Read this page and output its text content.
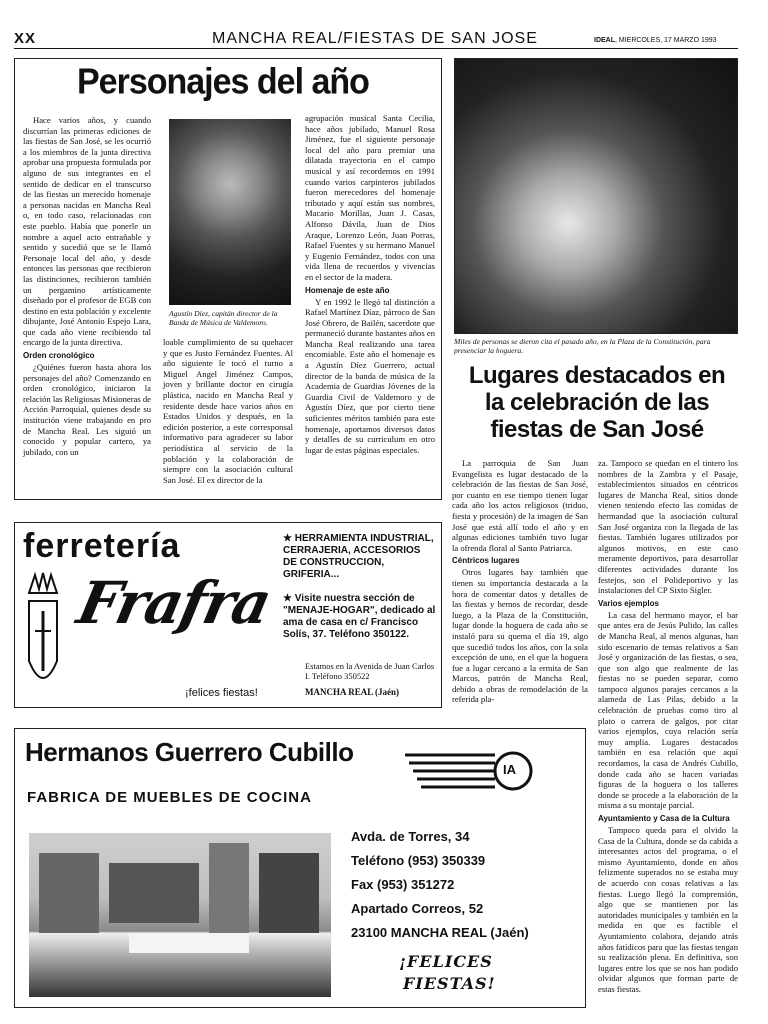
XX	MANCHA REAL/FIESTAS DE SAN JOSE	IDEAL, MIERCOLES, 17 MARZO 1993
Personajes del año

Hace varios años, y cuando discurrían las primeras ediciones de las fiestas de San José, se les ocurrió a los miembros de la junta directiva aprobar una propuesta formulada por alguno de sus integrantes en el sentido de dedicar en el transcurso de las fiestas un merecido homenaje a personas nacidas en Mancha Real o, en todo caso, relacionadas con este pueblo. Había que ponerle un nombre a aquel acto entrañable y sentido y sucedió que se le llamó Personaje local del año, y desde entonces las personas que recibieron las distinciones, recibieron también un pergamino artísticamente diseñado por el profesor de EGB con destino en esta población y excelente dibujante, José Antonio Espejo Lara, que cada año viene recibiendo tal encargo de la junta directiva.

Orden cronológico

¿Quiénes fueron hasta ahora los personajes del año? Comenzando en orden cronológico, iniciaron la relación las Religiosas Misioneras de Acción Parroquial, quienes desde su institución viene trabajando en pro de Mancha Real. Les siguió un conocido y popular cartero, ya jubilado, con un

Agustín Díez, capitán director de la Banda de Música de Valdemoro.

loable cumplimiento de su quehacer y que es Justo Fernández Fuentes. Al año siguiente le tocó el turno a Miguel Angel Jiménez Campos, joven y brillante doctor en cirugía plástica, nacido en Mancha Real y residente desde hace varios años en Estados Unidos y después, en la edición posterior, a este corresponsal informativo para agradecer su labor periodística al servicio de la población y la colaboración de siempre con la asociación cultural San José. El ex director de la

agrupación musical Santa Cecilia, hace años jubilado, Manuel Rosa Jiménez, fue el siguiente personaje local del año para premiar una dilatada trayectoria en el campo musical y así recordemos en 1991 cuando varios carpinteros jubilados fueron merecedores del homenaje tributado y aquí están sus nombres, Macario Morillas, Juan J. Casas, Alfonso Dávila, Juan de Dios Araque, Lorenzo León, Juan Porras, Rafael Fuentes y su hermano Manuel y Eugenio Fernández, todos con una vida llena de recuerdos y vivencias en el sector de la madera.

Homenaje de este año

Y en 1992 le llegó tal distinción a Rafael Martínez Díaz, párroco de San José Obrero, de Bailén, sacerdote que permaneció durante bastantes años en Mancha Real realizando una tarea encomiable. Este año el homenaje es a Agustín Díez Guerrero, actual director de la banda de música de la Academia de Guardias Jóvenes de la Guardia Civil de Valdemoro y de Agustín Díez, que por cierto tiene suficientes méritos también para este homenaje, aportamos diversos datos y detalles de su curriculum en otro lugar de estas páginas especiales.

Miles de personas se dieron cita el pasado año, en la Plaza de la Constitución, para presenciar la hoguera.
Lugares destacados en
la celebración de las
fiestas de San José

La parroquia de San Juan Evangelista es lugar destacado de la celebración de las fiestas de San José, por cuanto en ese tiempo tienen lugar cada año los actos religiosos (triduo, fiesta y procesión) de la imagen de San José que está allí todo el año y en algunas ediciones también tuvo lugar la ofrenda floral al Santo Patriarca.

Céntricos lugares

Otros lugares hay también que tienen su importancia destacada a la hora de comentar datos y detalles de las fiestas y hemos de recordar, desde luego, a la Plaza de la Constitución, lugar donde la hoguera de cada año se instaló para su quema el día 19, algo que sucedió todos los años, con la sola excepción de uno, en el que la hoguera fue a lugar cercano a la ermita de San Marcos, patrón de Mancha Real, debido a obras de remodelación de la referida pla-

za. Tampoco se quedan en el tintero los nombres de la Zambra y el Pasaje, establecimientos situados en céntricos lugares de Mancha Real, sitios donde vienen teniendo efecto las comidas de hermandad que la asociación cultural San José organiza con la llegada de las fiestas. También lugares utilizados por algunos motivos, en este caso meramente deportivos, para desarrollar diferentes actividades durante los festejos, son el Polideportivo y las instalaciones del CP Sixto Sigler.

Varios ejemplos

La casa del hermano mayor, el bar que antes era de Jesús Pulido, las calles de Mancha Real, al menos algunas, han sido escenario de temas relativos a San José y organización de las fiestas, o sea, que son algo que realmente de las fiestas no se pueden separar, como tampoco algunos parajes cercanos a la alameda de Las Pilas, debido a la celebración de pruebas como tiro al plato o carrera de galgos, por citar varios ejemplos, cuya relación sería muy amplia. Lugares destacados también en esa relación que aquí recordamos, la casa de Andrés Cubillo, donde cada año se hacen variadas figuras de la hoguera o los talleres donde se procede a la elaboración de la misma a su montaje parcial.

Ayuntamiento y Casa de la Cultura

Tampoco queda para el olvido la Casa de la Cultura, donde se da cabida a interesantes actos del programa, o el mismo Ayuntamiento, donde en años felizmente superados no se estaba muy de acuerdo con cosas relativas a las fiestas. Luego llegó la comprensión, algo que se mantienen por las autoridades municipales y también en la medida en que es factible el Ayuntamiento colabora, dejando atrás años fatídicos para que las fiestas tengan su realización plena. En definitiva, son lugares entre los que se nos han podido olvidar algunos que forman parte de estas fiestas.

ferretería
Frafra
¡felices fiestas!
★ HERRAMIENTA INDUSTRIAL, CERRAJERIA, ACCESORIOS DE CONSTRUCCION, GRIFERIA...
★ Visite nuestra sección de "MENAJE-HOGAR", dedicado al ama de casa en c/ Francisco Solís, 37. Teléfono 350122.
Estamos en la Avenida de Juan Carlos I. Teléfono 350522
MANCHA REAL (Jaén)
Hermanos Guerrero Cubillo
FABRICA DE MUEBLES DE COCINA
IA
Avda. de Torres, 34
Teléfono (953) 350339
Fax (953) 351272
Apartado Correos, 52
23100 MANCHA REAL (Jaén)
¡FELICES
FIESTAS!
